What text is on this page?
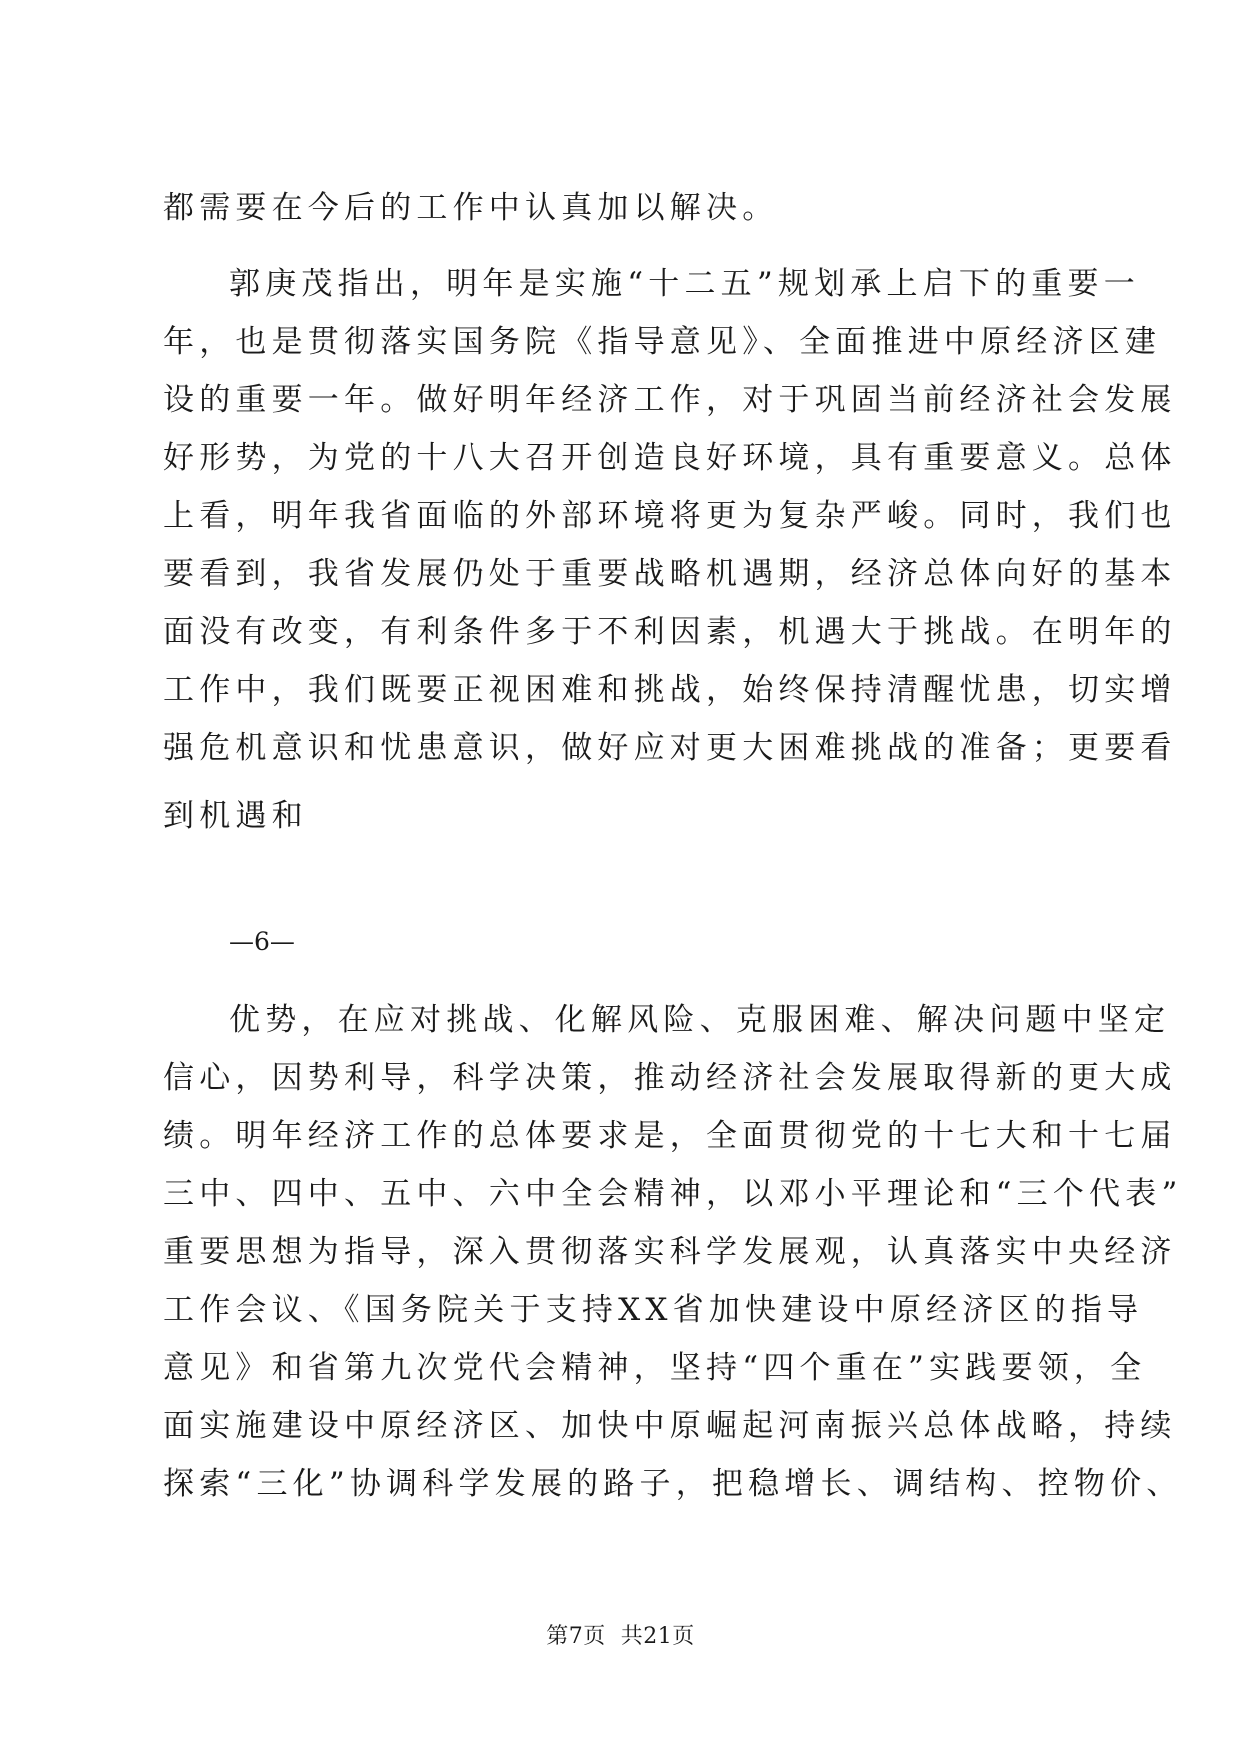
都需要在今后的工作中认真加以解决。
郭庚茂指出，明年是实施“十二五”规划承上启下的重要一
年，也是贯彻落实国务院《指导意见》、全面推进中原经济区建
设的重要一年。做好明年经济工作，对于巩固当前经济社会发展
好形势，为党的十八大召开创造良好环境，具有重要意义。总体
上看，明年我省面临的外部环境将更为复杂严峻。同时，我们也
要看到，我省发展仍处于重要战略机遇期，经济总体向好的基本
面没有改变，有利条件多于不利因素，机遇大于挑战。在明年的
工作中，我们既要正视困难和挑战，始终保持清醒忧患，切实增
强危机意识和忧患意识，做好应对更大困难挑战的准备；更要看
到机遇和
—6—
优势，在应对挑战、化解风险、克服困难、解决问题中坚定
信心，因势利导，科学决策，推动经济社会发展取得新的更大成
绩。明年经济工作的总体要求是，全面贯彻党的十七大和十七届
三中、四中、五中、六中全会精神，以邓小平理论和“三个代表”
重要思想为指导，深入贯彻落实科学发展观，认真落实中央经济
工作会议、《国务院关于支持XX省加快建设中原经济区的指导
意见》和省第九次党代会精神，坚持“四个重在”实践要领，全
面实施建设中原经济区、加快中原崛起河南振兴总体战略，持续
探索“三化”协调科学发展的路子，把稳增长、调结构、控物价、
第7页 共21页
